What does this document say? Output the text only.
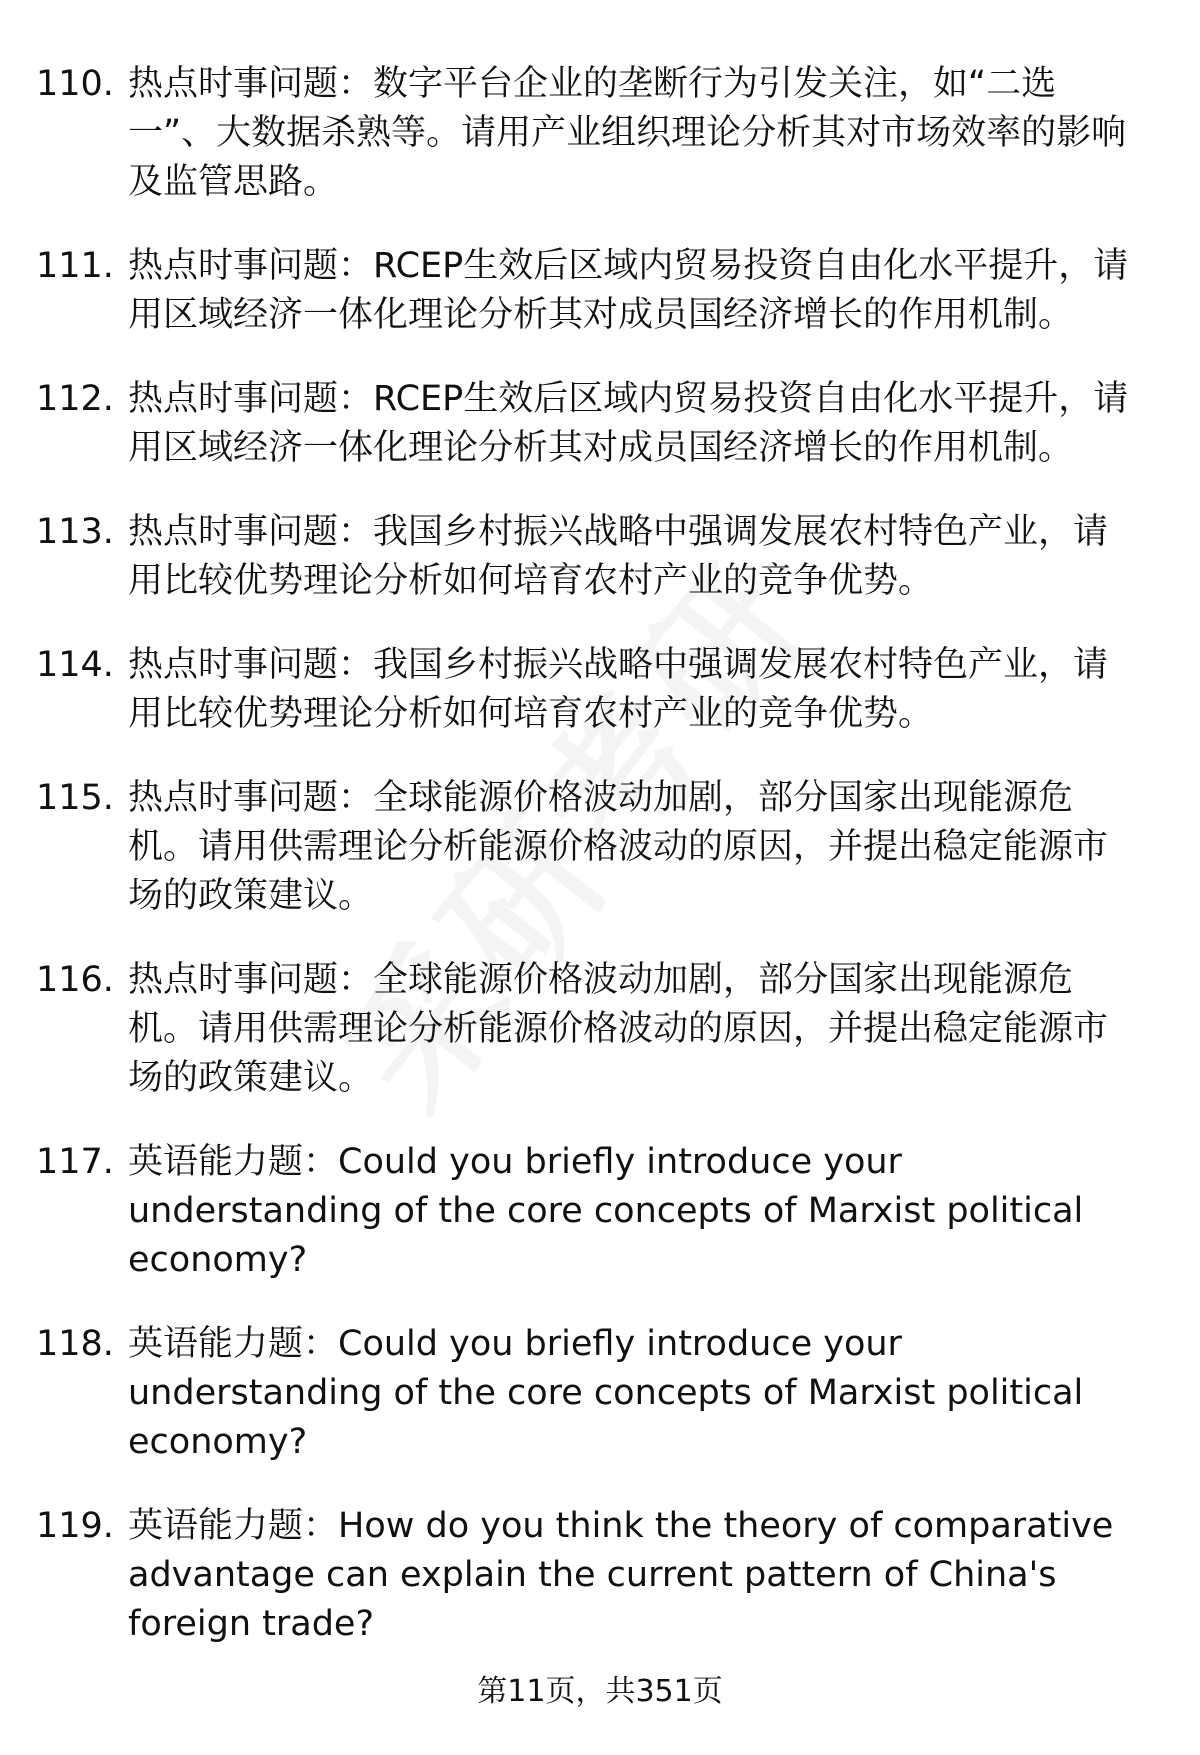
110. 热点时事问题：数字平台企业的垄断行为引发关注，如“二选一”、大数据杀熟等。请用产业组织理论分析其对市场效率的影响及监管思路。
111. 热点时事问题：RCEP生效后区域内贸易投资自由化水平提升，请用区域经济一体化理论分析其对成员国经济增长的作用机制。
112. 热点时事问题：RCEP生效后区域内贸易投资自由化水平提升，请用区域经济一体化理论分析其对成员国经济增长的作用机制。
113. 热点时事问题：我国乡村振兴战略中强调发展农村特色产业，请用比较优势理论分析如何培育农村产业的竞争优势。
114. 热点时事问题：我国乡村振兴战略中强调发展农村特色产业，请用比较优势理论分析如何培育农村产业的竞争优势。
115. 热点时事问题：全球能源价格波动加剧，部分国家出现能源危机。请用供需理论分析能源价格波动的原因，并提出稳定能源市场的政策建议。
116. 热点时事问题：全球能源价格波动加剧，部分国家出现能源危机。请用供需理论分析能源价格波动的原因，并提出稳定能源市场的政策建议。
117. 英语能力题：Could you briefly introduce your understanding of the core concepts of Marxist political economy?
118. 英语能力题：Could you briefly introduce your understanding of the core concepts of Marxist political economy?
119. 英语能力题：How do you think the theory of comparative advantage can explain the current pattern of China's foreign trade?
第11页，共351页
